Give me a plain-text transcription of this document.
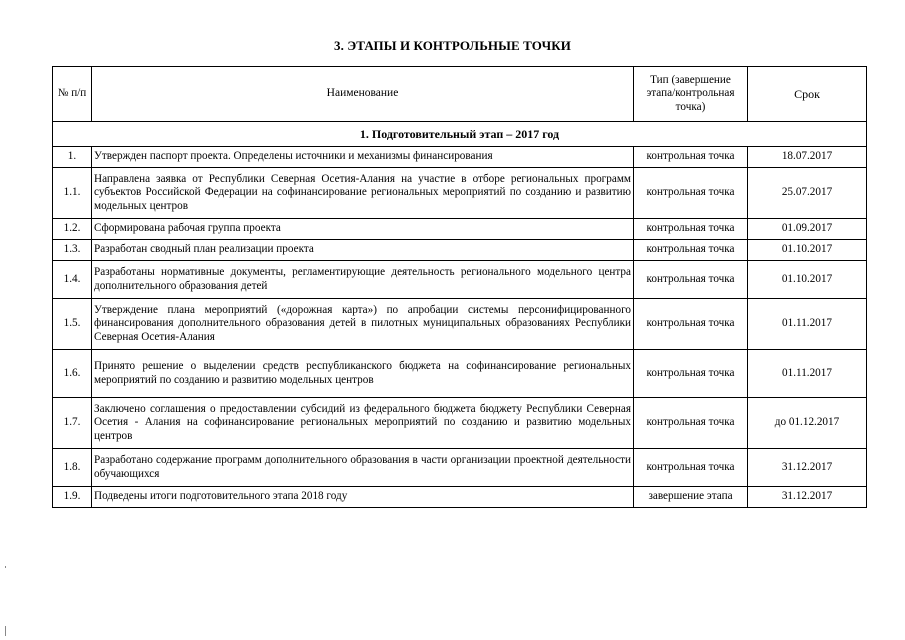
3. ЭТАПЫ И КОНТРОЛЬНЫЕ ТОЧКИ
№ п/п	Наименование	Тип (завершение этапа/контрольная точка)	Срок
1. Подготовительный этап – 2017 год			
1.	Утвержден паспорт проекта. Определены источники и механизмы финансирования	контрольная точка	18.07.2017
1.1.	Направлена заявка от Республики Северная Осетия-Алания на участие в отборе региональных программ субъектов Российской Федерации на софинансирование региональных мероприятий по созданию и развитию модельных центров	контрольная точка	25.07.2017
1.2.	Сформирована рабочая группа проекта	контрольная точка	01.09.2017
1.3.	Разработан сводный план реализации проекта	контрольная точка	01.10.2017
1.4.	Разработаны нормативные документы, регламентирующие деятельность регионального модельного центра дополнительного образования детей	контрольная точка	01.10.2017
1.5.	Утверждение плана мероприятий («дорожная карта») по апробации системы персонифицированного финансирования дополнительного образования детей в пилотных муниципальных образованиях Республики Северная Осетия-Алания	контрольная точка	01.11.2017
1.6.	Принято решение о выделении средств республиканского бюджета на софинансирование региональных мероприятий по созданию и развитию модельных центров	контрольная точка	01.11.2017
1.7.	Заключено соглашения о предоставлении субсидий из федерального бюджета бюджету Республики Северная Осетия - Алания на софинансирование региональных мероприятий по созданию и развитию модельных центров	контрольная точка	до 01.12.2017
1.8.	Разработано содержание программ дополнительного образования в части организации проектной деятельности обучающихся	контрольная точка	31.12.2017
1.9.	Подведены итоги подготовительного этапа 2018 году	завершение этапа	31.12.2017
